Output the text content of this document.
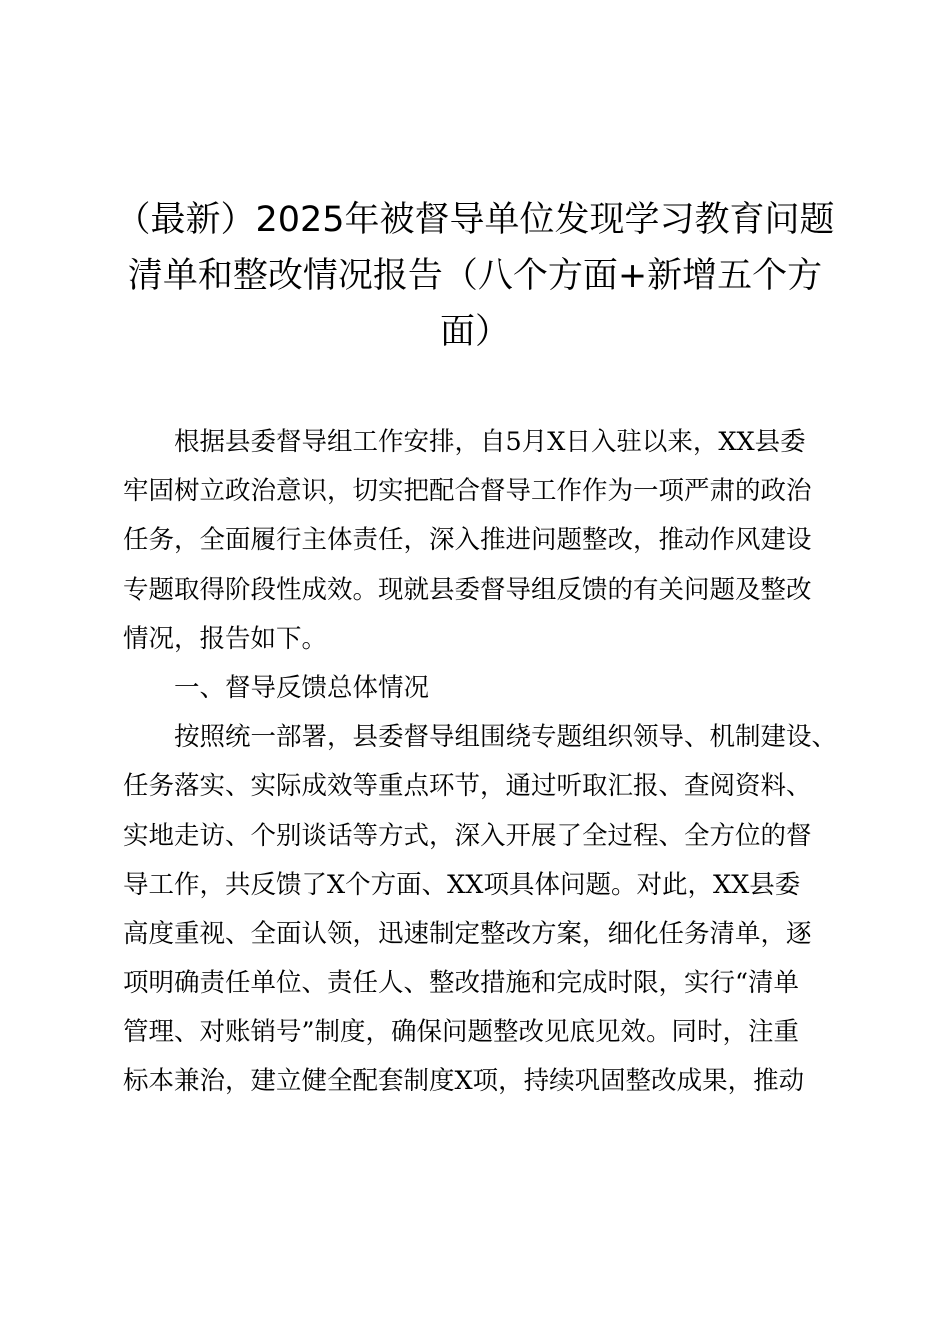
（最新）2025年被督导单位发现学习教育问题
清单和整改情况报告（八个方面+新增五个方
面）
根据县委督导组工作安排，自5月X日入驻以来，XX县委
牢固树立政治意识，切实把配合督导工作作为一项严肃的政治
任务，全面履行主体责任，深入推进问题整改，推动作风建设
专题取得阶段性成效。现就县委督导组反馈的有关问题及整改
情况，报告如下。
一、督导反馈总体情况
按照统一部署，县委督导组围绕专题组织领导、机制建设、
任务落实、实际成效等重点环节，通过听取汇报、查阅资料、
实地走访、个别谈话等方式，深入开展了全过程、全方位的督
导工作，共反馈了X个方面、XX项具体问题。对此，XX县委
高度重视、全面认领，迅速制定整改方案，细化任务清单，逐
项明确责任单位、责任人、整改措施和完成时限，实行“清单
管理、对账销号”制度，确保问题整改见底见效。同时，注重
标本兼治，建立健全配套制度X项，持续巩固整改成果，推动
